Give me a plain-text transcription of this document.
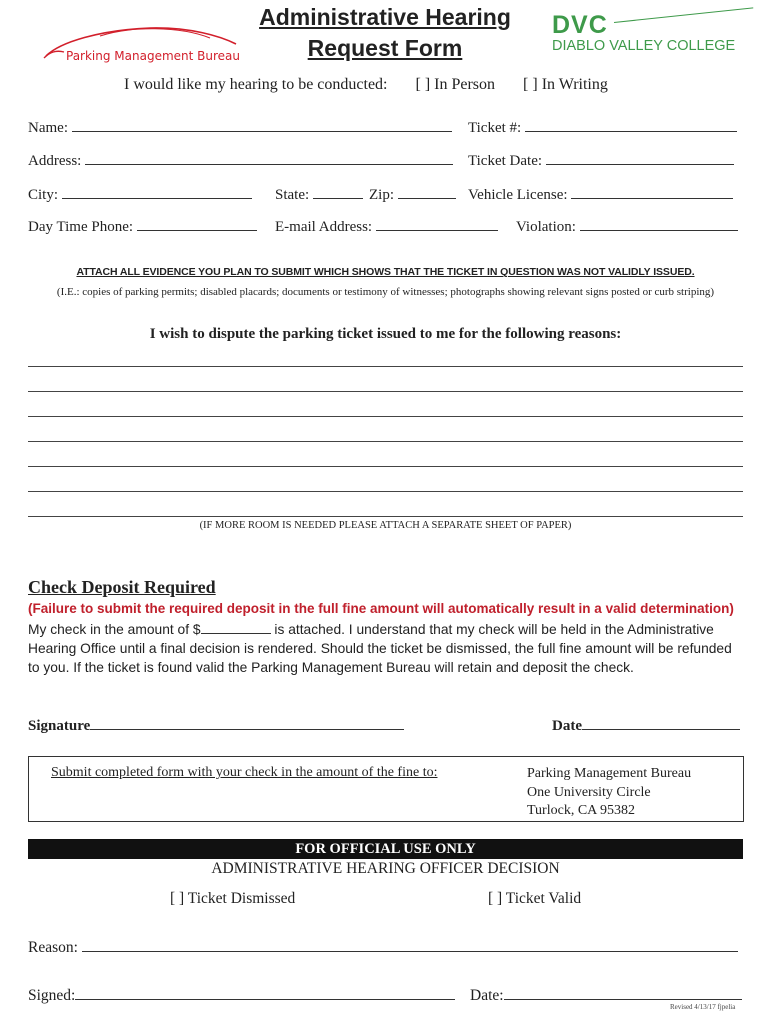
Parking Management Bureau
Administrative Hearing
Request Form
DVC
DIABLO VALLEY COLLEGE
I would like my hearing to be conducted: [ ] In Person [ ] In Writing
Name:	Ticket #:
Address:	Ticket Date:
City:	State:	Zip:	Vehicle License:
Day Time Phone:	E-mail Address:	Violation:
ATTACH ALL EVIDENCE YOU PLAN TO SUBMIT WHICH SHOWS THAT THE TICKET IN QUESTION WAS NOT VALIDLY ISSUED.
(I.E.: copies of parking permits; disabled placards; documents or testimony of witnesses; photographs showing relevant signs posted or curb striping)
I wish to dispute the parking ticket issued to me for the following reasons:
(IF MORE ROOM IS NEEDED PLEASE ATTACH A SEPARATE SHEET OF PAPER)
Check Deposit Required
(Failure to submit the required deposit in the full fine amount will automatically result in a valid determination)
My check in the amount of $	is attached. I understand that my check will be held in the Administrative Hearing Office until a final decision is rendered. Should the ticket be dismissed, the full fine amount will be refunded to you. If the ticket is found valid the Parking Management Bureau will retain and deposit the check.
Signature	Date
Submit completed form with your check in the amount of the fine to:	Parking Management Bureau
One University Circle
Turlock, CA 95382
FOR OFFICIAL USE ONLY
ADMINISTRATIVE HEARING OFFICER DECISION
[ ] Ticket Dismissed	[ ] Ticket Valid
Reason:
Signed:	Date:
Revised 4/13/17 fjpelia
